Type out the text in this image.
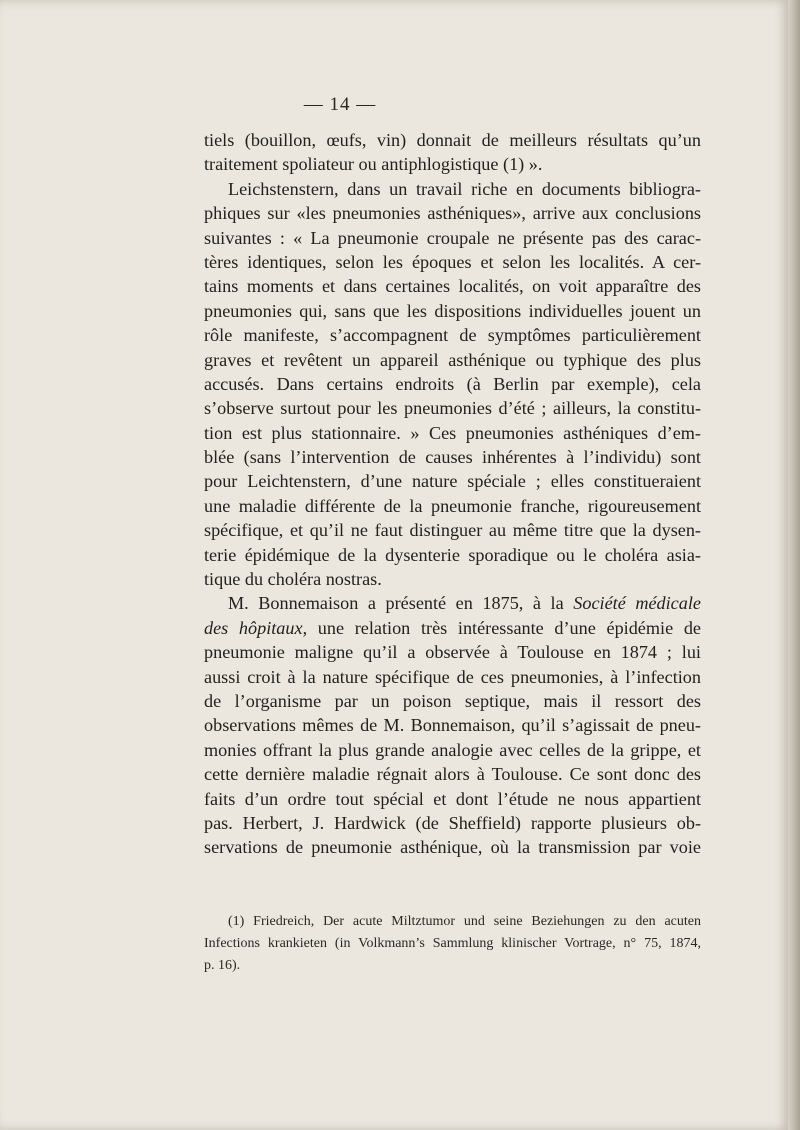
— 14 —
tiels (bouillon, œufs, vin) donnait de meilleurs résultats qu’un
traitement spoliateur ou antiphlogistique (1) ».
Leichstenstern, dans un travail riche en documents bibliogra-
phiques sur «les pneumonies asthéniques», arrive aux conclusions
suivantes : « La pneumonie croupale ne présente pas des carac-
tères identiques, selon les époques et selon les localités. A cer-
tains moments et dans certaines localités, on voit apparaître des
pneumonies qui, sans que les dispositions individuelles jouent un
rôle manifeste, s’accompagnent de symptômes particulièrement
graves et revêtent un appareil asthénique ou typhique des plus
accusés. Dans certains endroits (à Berlin par exemple), cela
s’observe surtout pour les pneumonies d’été ; ailleurs, la constitu-
tion est plus stationnaire. » Ces pneumonies asthéniques d’em-
blée (sans l’intervention de causes inhérentes à l’individu) sont
pour Leichtenstern, d’une nature spéciale ; elles constitueraient
une maladie différente de la pneumonie franche, rigoureusement
spécifique, et qu’il ne faut distinguer au même titre que la dysen-
terie épidémique de la dysenterie sporadique ou le choléra asia-
tique du choléra nostras.
M. Bonnemaison a présenté en 1875, à la Société médicale
des hôpitaux, une relation très intéressante d’une épidémie de
pneumonie maligne qu’il a observée à Toulouse en 1874 ; lui
aussi croit à la nature spécifique de ces pneumonies, à l’infection
de l’organisme par un poison septique, mais il ressort des
observations mêmes de M. Bonnemaison, qu’il s’agissait de pneu-
monies offrant la plus grande analogie avec celles de la grippe, et
cette dernière maladie régnait alors à Toulouse. Ce sont donc des
faits d’un ordre tout spécial et dont l’étude ne nous appartient
pas. Herbert, J. Hardwick (de Sheffield) rapporte plusieurs ob-
servations de pneumonie asthénique, où la transmission par voie
(1) Friedreich, Der acute Miltztumor und seine Beziehungen zu den acuten
Infections krankieten (in Volkmann’s Sammlung klinischer Vortrage, n° 75, 1874,
p. 16).
